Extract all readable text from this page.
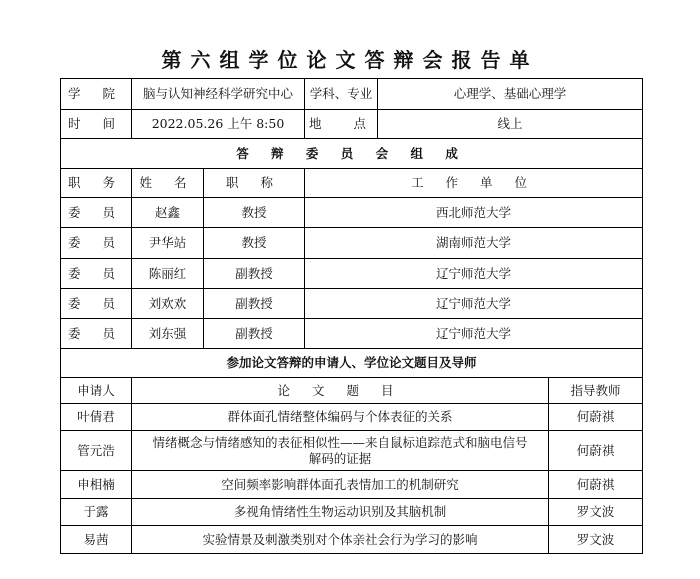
第六组学位论文答辩会报告单
学 院	脑与认知神经科学研究中心		学科、专业	心理学、基础心理学	
时 间	2022.05.26 上午 8:50		地 点	线上	
答 辩 委 员 会 组 成					
职 务	姓 名	职 称	工 作 单 位		
委 员	赵鑫	教授	西北师范大学		
委 员	尹华站	教授	湖南师范大学		
委 员	陈丽红	副教授	辽宁师范大学		
委 员	刘欢欢	副教授	辽宁师范大学		
委 员	刘东强	副教授	辽宁师范大学		
参加论文答辩的申请人、学位论文题目及导师					
申请人	论 文 题 目				指导教师
叶倩君	群体面孔情绪整体编码与个体表征的关系				何蔚祺
管元浩	情绪概念与情绪感知的表征相似性——来自鼠标追踪范式和脑电信号解码的证据				何蔚祺
申相楠	空间频率影响群体面孔表情加工的机制研究				何蔚祺
于露	多视角情绪性生物运动识别及其脑机制				罗文波
易茜	实验情景及刺激类别对个体亲社会行为学习的影响				罗文波
